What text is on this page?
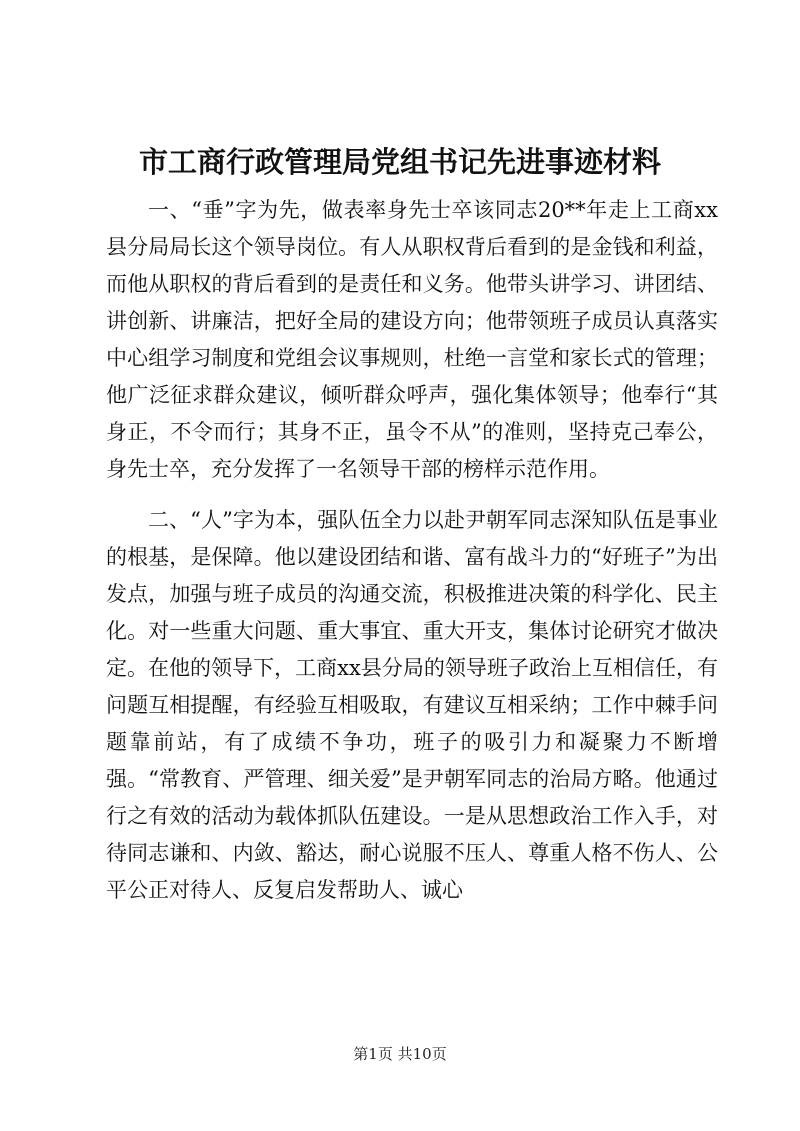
市工商行政管理局党组书记先进事迹材料

一、“垂”字为先，做表率身先士卒该同志20**年走上工商xx县分局局长这个领导岗位。有人从职权背后看到的是金钱和利益，而他从职权的背后看到的是责任和义务。他带头讲学习、讲团结、讲创新、讲廉洁，把好全局的建设方向；他带领班子成员认真落实中心组学习制度和党组会议事规则，杜绝一言堂和家长式的管理；他广泛征求群众建议，倾听群众呼声，强化集体领导；他奉行“其身正，不令而行；其身不正，虽令不从”的准则，坚持克己奉公，身先士卒，充分发挥了一名领导干部的榜样示范作用。

二、“人”字为本，强队伍全力以赴尹朝军同志深知队伍是事业的根基，是保障。他以建设团结和谐、富有战斗力的“好班子”为出发点，加强与班子成员的沟通交流，积极推进决策的科学化、民主化。对一些重大问题、重大事宜、重大开支，集体讨论研究才做决定。在他的领导下，工商xx县分局的领导班子政治上互相信任，有问题互相提醒，有经验互相吸取，有建议互相采纳；工作中棘手问题靠前站，有了成绩不争功，班子的吸引力和凝聚力不断增强。“常教育、严管理、细关爱”是尹朝军同志的治局方略。他通过行之有效的活动为载体抓队伍建设。一是从思想政治工作入手，对待同志谦和、内敛、豁达，耐心说服不压人、尊重人格不伤人、公平公正对待人、反复启发帮助人、诚心

第1页 共10页
